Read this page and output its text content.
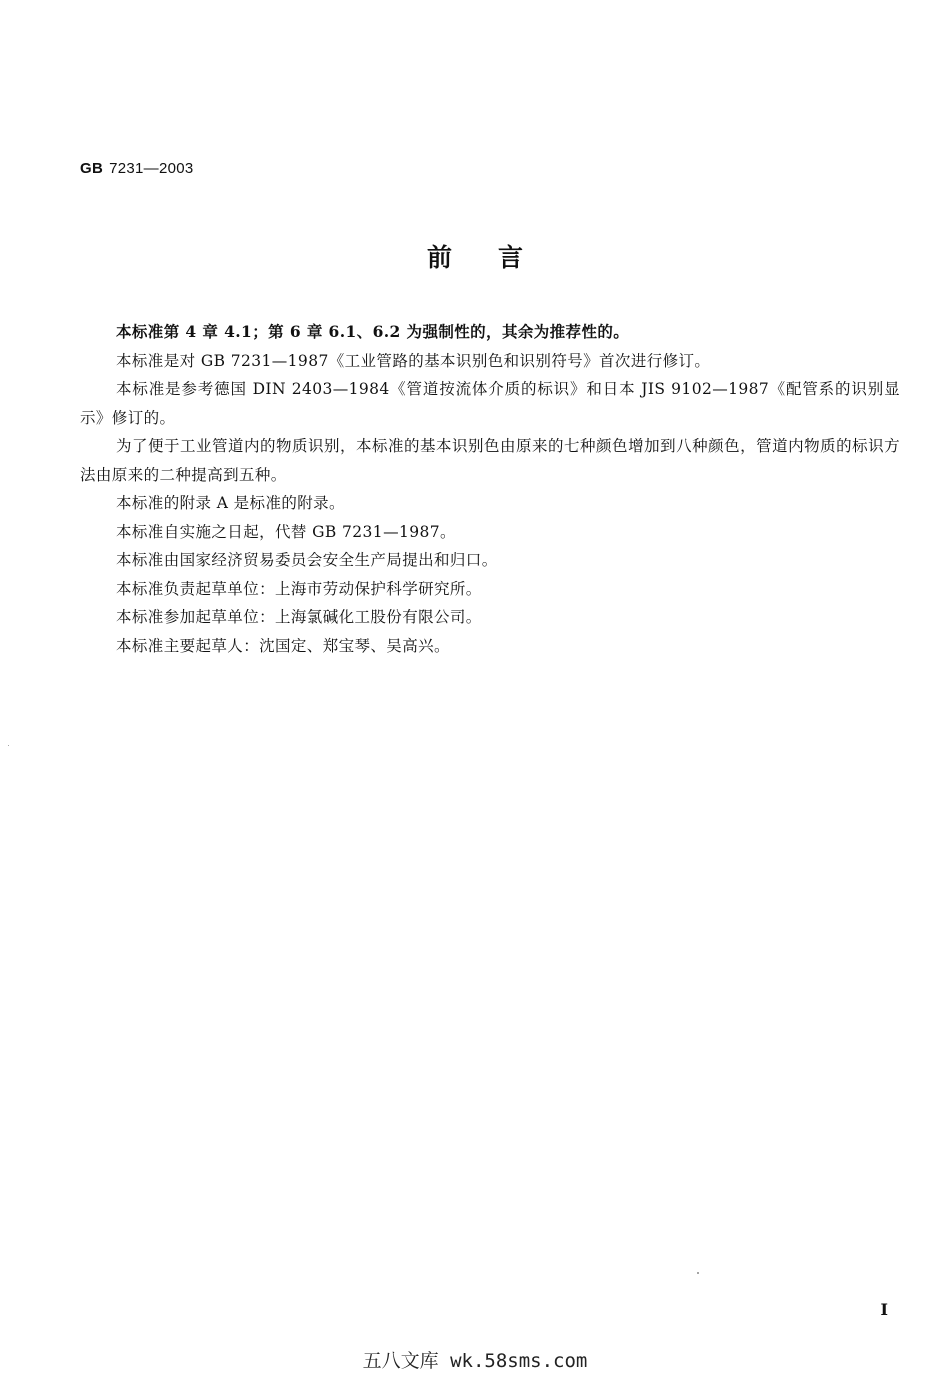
GB 7231—2003
前言

本标准第 4 章 4.1；第 6 章 6.1、6.2 为强制性的，其余为推荐性的。

本标准是对 GB 7231—1987《工业管路的基本识别色和识别符号》首次进行修订。

本标准是参考德国 DIN 2403—1984《管道按流体介质的标识》和日本 JIS 9102—1987《配管系的识别显示》修订的。

为了便于工业管道内的物质识别，本标准的基本识别色由原来的七种颜色增加到八种颜色，管道内物质的标识方法由原来的二种提高到五种。

本标准的附录 A 是标准的附录。

本标准自实施之日起，代替 GB 7231—1987。

本标准由国家经济贸易委员会安全生产局提出和归口。

本标准负责起草单位：上海市劳动保护科学研究所。

本标准参加起草单位：上海氯碱化工股份有限公司。

本标准主要起草人：沈国定、郑宝琴、吴高兴。

I
五八文库 wk.58sms.com
